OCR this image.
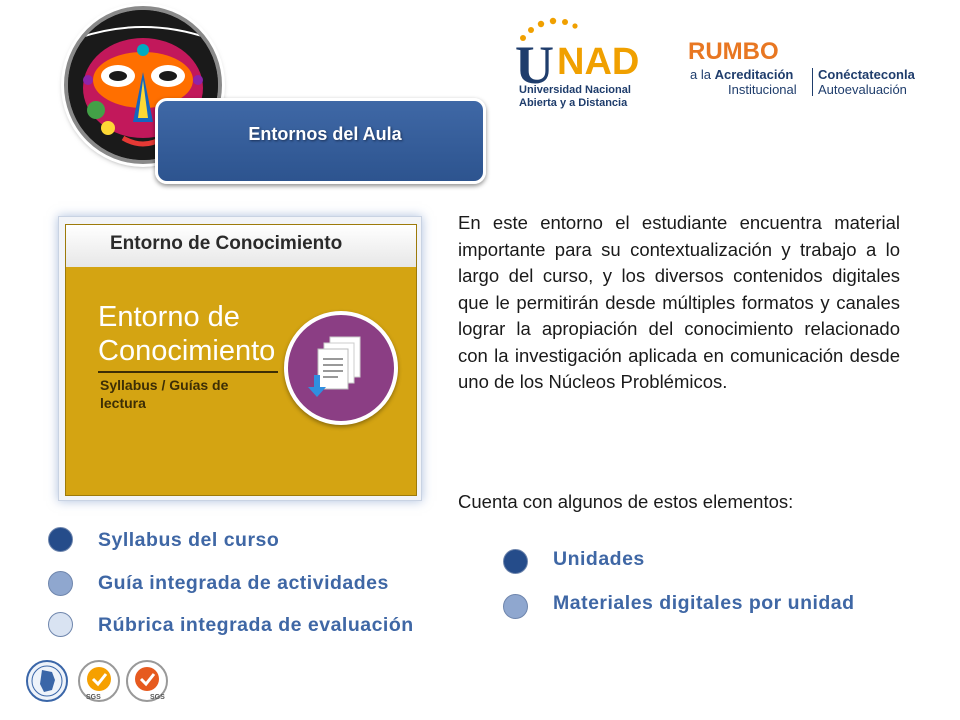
Entornos del Aula
U NAD
Universidad Nacional
Abierta y a Distancia
RUMBO
a la Acreditación
Institucional
Conéctateconla
Autoevaluación
Entorno de Conocimiento
Entorno de
Conocimiento
Syllabus / Guías de
lectura
En este entorno el estudiante encuentra material importante para su contextualización y trabajo a lo largo del curso, y los diversos contenidos digitales que le permitirán desde múltiples formatos y canales lograr la apropiación del conocimiento relacionado con la investigación aplicada en comunicación desde uno de los Núcleos Problémicos.
Cuenta con algunos de estos elementos:
Syllabus del curso
Guía integrada de actividades
Rúbrica integrada de evaluación
Unidades
Materiales digitales por unidad
SGS	SGS
